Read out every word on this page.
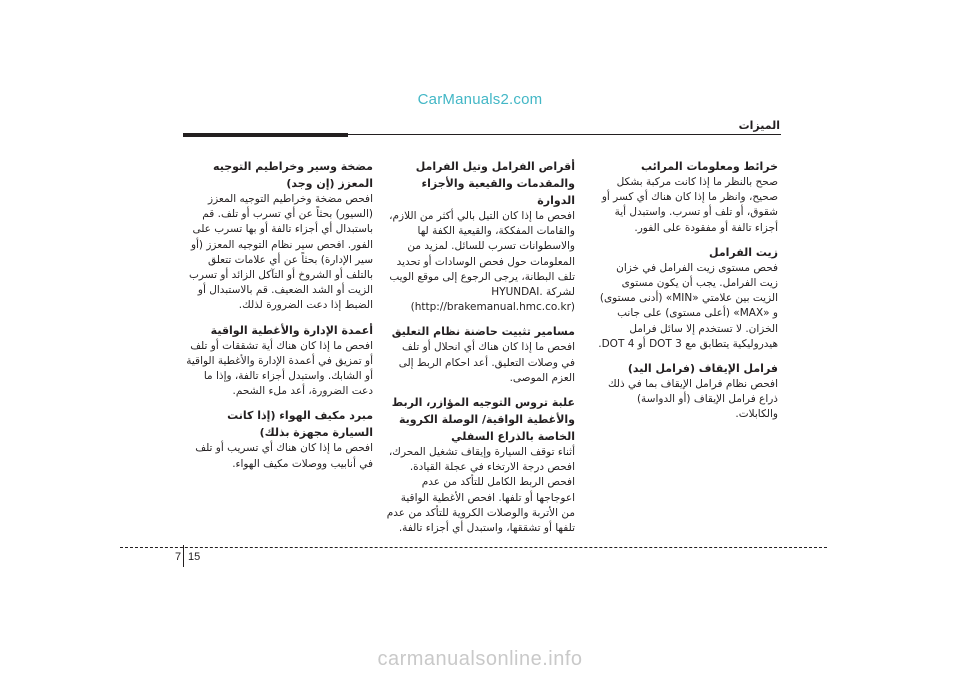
CarManuals2.com
الميزات
خرائط ومعلومات المرائب

صحح بالنظر ما إذا كانت مركبة بشكل صحيح، وانظر ما إذا كان هناك أي كسر أو شقوق، أو تلف أو تسرب. واستبدل أية أجزاء تالفة أو مفقودة على الفور.

زيت الفرامل

فحص مستوى زيت الفرامل في خزان زيت الفرامل. يجب أن يكون مستوى الزيت بين علامتي «MIN» (أدنى مستوى) و «MAX» (أعلى مستوى) على جانب الخزان. لا تستخدم إلا سائل فرامل هيدروليكية يتطابق مع DOT 3 أو DOT 4.

فرامل الإيقاف (فرامل اليد)

افحص نظام فرامل الإيقاف بما في ذلك ذراع فرامل الإيقاف (أو الدواسة) والكابلات.

أقراص الفرامل وتيل الفرامل والمقدمات والقيعية والأجزاء الدوارة

افحص ما إذا كان التيل بالي أكثر من اللازم، والقامات المفككة، والقيعية الكفة لها والاسطوانات تسرب للسائل. لمزيد من المعلومات حول فحص الوسادات أو تحديد تلف البطانة، يرجى الرجوع إلى موقع الويب لشركة HYUNDAI. (http://brakemanual.hmc.co.kr)

مسامير تثبيت حاضنة نظام التعليق

افحص ما إذا كان هناك أي انحلال أو تلف في وصلات التعليق. أعد احكام الربط إلى العزم الموصى.

علبة تروس التوجيه المؤازر، الربط والأغطية الواقية/ الوصلة الكروية الخاصة بالذراع السفلي

أثناء توقف السيارة وإيقاف تشغيل المحرك، افحص درجة الارتخاء في عجلة القيادة. افحص الربط الكامل للتأكد من عدم اعوجاجها أو تلفها. افحص الأغطية الواقية من الأتربة والوصلات الكروية للتأكد من عدم تلفها أو تشققها، واستبدل أي أجزاء تالفة.

مضخة وسير وخراطيم التوجيه المعزز (إن وجد)

افحص مضخة وخراطيم التوجيه المعزز (السيور) بحثاً عن أي تسرب أو تلف. قم باستبدال أي أجزاء تالفة أو بها تسرب على الفور. افحص سير نظام التوجيه المعزز (أو سير الإدارة) بحثاً عن أي علامات تتعلق بالتلف أو الشروخ أو التآكل الزائد أو تسرب الزيت أو الشد الضعيف. قم بالاستبدال أو الضبط إذا دعت الضرورة لذلك.

أعمدة الإدارة والأغطية الواقية

افحص ما إذا كان هناك أية تشققات أو تلف أو تمزيق في أعمدة الإدارة والأغطية الواقية أو الشابك. واستبدل أجزاء تالفة، وإذا ما دعت الضرورة، أعد ملء الشحم.

مبرد مكيف الهواء (إذا كانت السيارة مجهزة بذلك)

افحص ما إذا كان هناك أي تسريب أو تلف في أنابيب ووصلات مكيف الهواء.

7 15
carmanualsonline.info
